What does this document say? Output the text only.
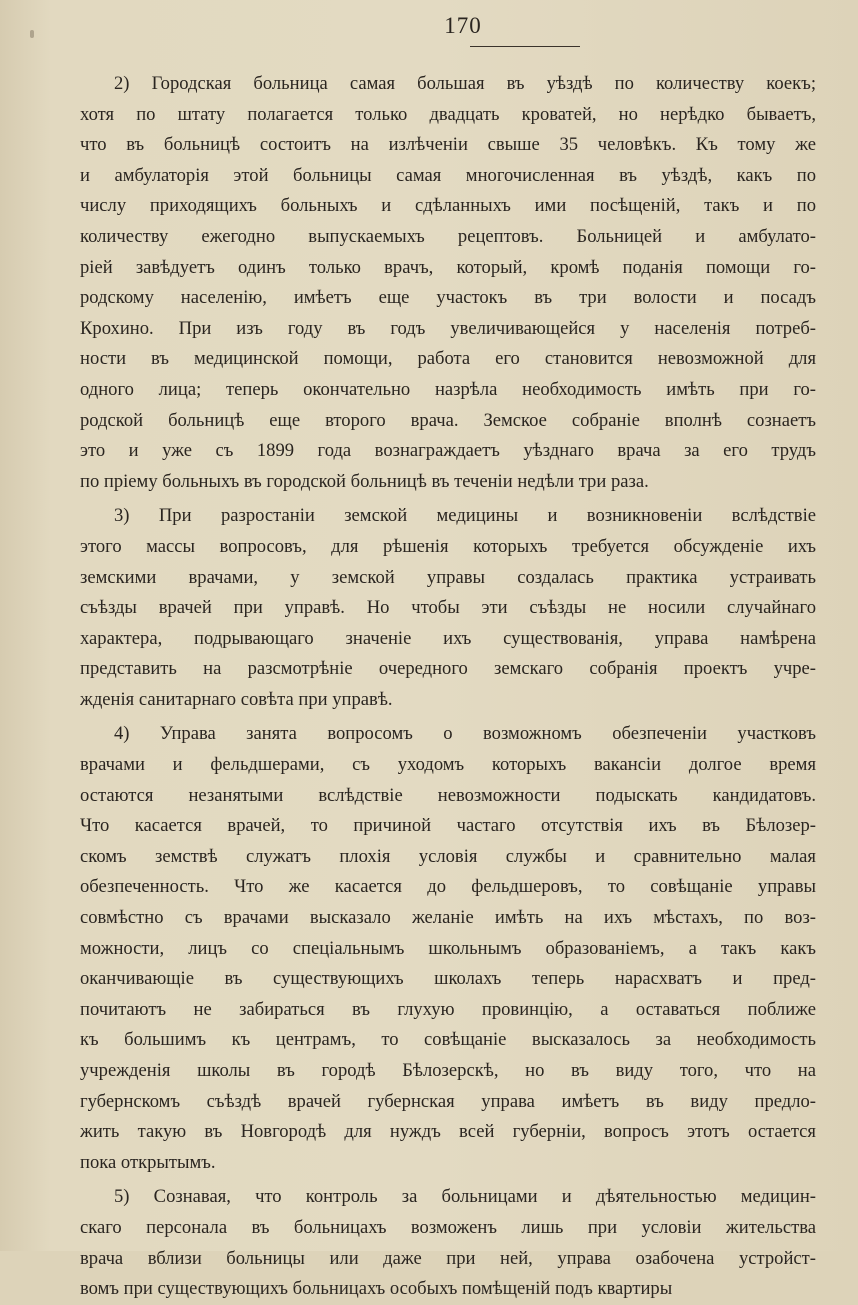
170

2) Городская больница самая большая въ уѣздѣ по количеству коекъ;
хотя по штату полагается только двадцать кроватей, но нерѣдко бываетъ,
что въ больницѣ состоитъ на излѣченіи свыше 35 человѣкъ. Къ тому же
и амбулаторія этой больницы самая многочисленная въ уѣздѣ, какъ по
числу приходящихъ больныхъ и сдѣланныхъ ими посѣщеній, такъ и по
количеству ежегодно выпускаемыхъ рецептовъ. Больницей и амбулато-
ріей завѣдуетъ одинъ только врачъ, который, кромѣ поданія помощи го-
родскому населенію, имѣетъ еще участокъ въ три волости и посадъ
Крохино. При изъ году въ годъ увеличивающейся у населенія потреб-
ности въ медицинской помощи, работа его становится невозможной для
одного лица; теперь окончательно назрѣла необходимость имѣть при го-
родской больницѣ еще второго врача. Земское собраніе вполнѣ сознаетъ
это и уже съ 1899 года вознаграждаетъ уѣзднаго врача за его трудъ
по пріему больныхъ въ городской больницѣ въ теченіи недѣли три раза.

3) При разростаніи земской медицины и возникновеніи вслѣдствіе
этого массы вопросовъ, для рѣшенія которыхъ требуется обсужденіе ихъ
земскими врачами, у земской управы создалась практика устраивать
съѣзды врачей при управѣ. Но чтобы эти съѣзды не носили случайнаго
характера, подрывающаго значеніе ихъ существованія, управа намѣрена
представить на разсмотрѣніе очередного земскаго собранія проектъ учре-
жденія санитарнаго совѣта при управѣ.

4) Управа занята вопросомъ о возможномъ обезпеченіи участковъ
врачами и фельдшерами, съ уходомъ которыхъ вакансіи долгое время
остаются незанятыми вслѣдствіе невозможности подыскать кандидатовъ.
Что касается врачей, то причиной частаго отсутствія ихъ въ Бѣлозер-
скомъ земствѣ служатъ плохія условія службы и сравнительно малая
обезпеченность. Что же касается до фельдшеровъ, то совѣщаніе управы
совмѣстно съ врачами высказало желаніе имѣть на ихъ мѣстахъ, по воз-
можности, лицъ со спеціальнымъ школьнымъ образованіемъ, а такъ какъ
оканчивающіе въ существующихъ школахъ теперь нарасхватъ и пред-
почитаютъ не забираться въ глухую провинцію, а оставаться поближе
къ большимъ къ центрамъ, то совѣщаніе высказалось за необходимость
учрежденія школы въ городѣ Бѣлозерскѣ, но въ виду того, что на
губернскомъ съѣздѣ врачей губернская управа имѣетъ въ виду предло-
жить такую въ Новгородѣ для нуждъ всей губерніи, вопросъ этотъ остается
пока открытымъ.

5) Сознавая, что контроль за больницами и дѣятельностью медицин-
скаго персонала въ больницахъ возможенъ лишь при условіи жительства
врача вблизи больницы или даже при ней, управа озабочена устройст-
вомъ при существующихъ больницахъ особыхъ помѣщеній подъ квартиры
